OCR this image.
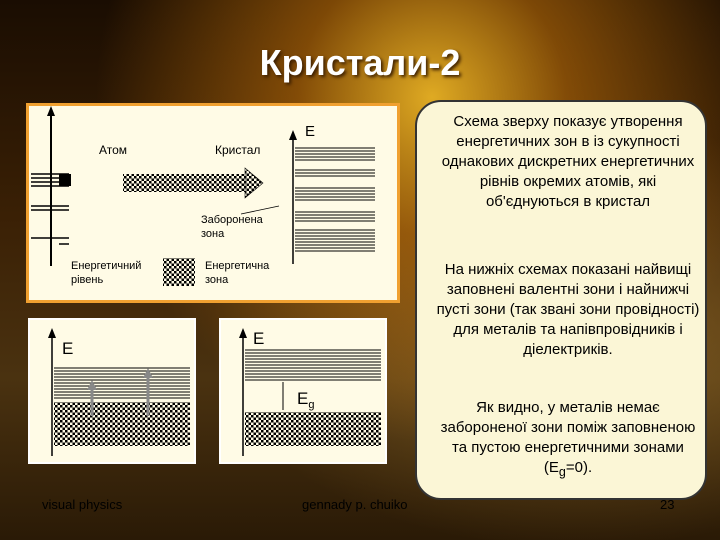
Кристали-2
Атом	Кристал
E
Заборонена
зона
Енергетичний
рівень
Енергетична
зона
E
E
$E_g$
Схема зверху показує утворення енергетичних зон в із сукупності однакових дискретних енергетичних рівнів окремих атомів, які об'єднуються в кристал
На нижніх схемах показані найвищі заповнені валентні зони і найнижчі пусті зони (так звані зони провідності) для металів та напівпровідників і діелектриків.
Як видно, у металів немає забороненої зони поміж заповненою та пустою енергетичними зонами $(E_g=0)$.
visual physics	gennady p. chuiko	23
